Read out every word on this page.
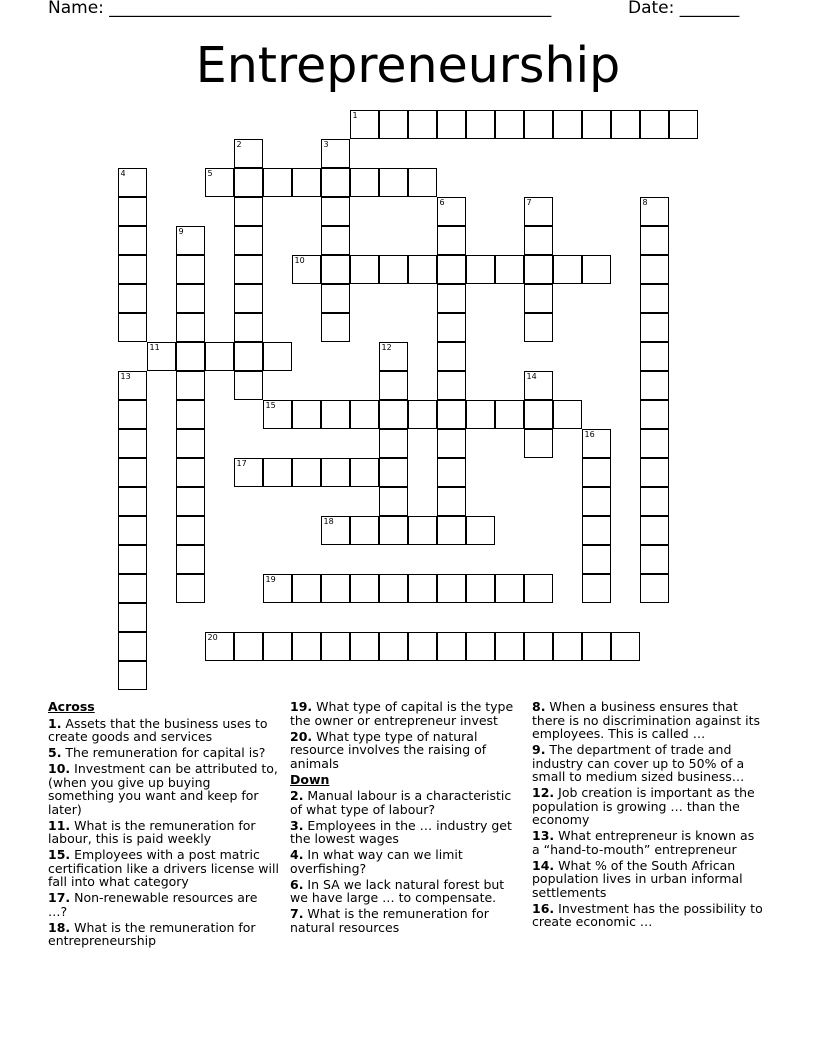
Name: ____________________________________________________	Date: _______
Entrepreneurship
1
2	3
4	5
6	7	8
9
10
11	12
13	14
15
16
17
18
19
20
Across
1. Assets that the business uses to create goods and services
5. The remuneration for capital is?
10. Investment can be attributed to, (when you give up buying something you want and keep for later)
11. What is the remuneration for labour, this is paid weekly
15. Employees with a post matric certification like a drivers license will fall into what category
17. Non-renewable resources are …?
18. What is the remuneration for entrepreneurship
19. What type of capital is the type the owner or entrepreneur invest
20. What type type of natural resource involves the raising of animals
Down
2. Manual labour is a characteristic of what type of labour?
3. Employees in the … industry get the lowest wages
4. In what way can we limit overfishing?
6. In SA we lack natural forest but we have large … to compensate.
7. What is the remuneration for natural resources
8. When a business ensures that there is no discrimination against its employees. This is called …
9. The department of trade and industry can cover up to 50% of a small to medium sized business…
12. Job creation is important as the population is growing … than the economy
13. What entrepreneur is known as a “hand-to-mouth” entrepreneur
14. What % of the South African population lives in urban informal settlements
16. Investment has the possibility to create economic …
